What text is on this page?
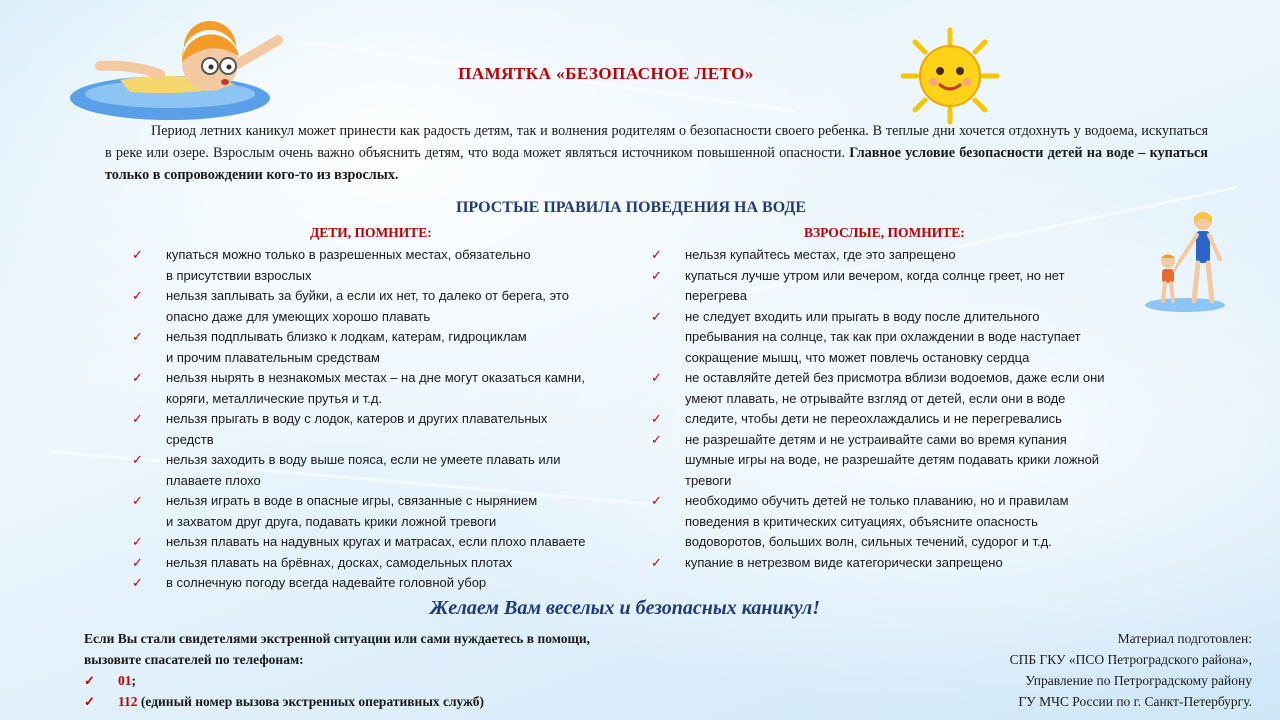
ПАМЯТКА «БЕЗОПАСНОЕ ЛЕТО»
Период летних каникул может принести как радость детям, так и волнения родителям о безопасности своего ребенка. В теплые дни хочется отдохнуть у водоема, искупаться в реке или озере. Взрослым очень важно объяснить детям, что вода может являться источником повышенной опасности. Главное условие безопасности детей на воде – купаться только в сопровождении кого-то из взрослых.
ПРОСТЫЕ ПРАВИЛА ПОВЕДЕНИЯ НА ВОДЕ
ДЕТИ, ПОМНИТЕ:	ВЗРОСЛЫЕ, ПОМНИТЕ:
✓ купаться можно только в разрешенных местах, обязательно
в присутствии взрослых
✓ нельзя заплывать за буйки, а если их нет, то далеко от берега, это
опасно даже для умеющих хорошо плавать
✓ нельзя подплывать близко к лодкам, катерам, гидроциклам
и прочим плавательным средствам
✓ нельзя нырять в незнакомых местах – на дне могут оказаться камни,
коряги, металлические прутья и т.д.
✓ нельзя прыгать в воду с лодок, катеров и других плавательных
средств
✓ нельзя заходить в воду выше пояса, если не умеете плавать или
плаваете плохо
✓ нельзя играть в воде в опасные игры, связанные с нырянием
и захватом друг друга, подавать крики ложной тревоги
✓ нельзя плавать на надувных кругах и матрасах, если плохо плаваете
✓ нельзя плавать на брёвнах, досках, самодельных плотах
✓ в солнечную погоду всегда надевайте головной убор
✓ нельзя купайтесь местах, где это запрещено
✓ купаться лучше утром или вечером, когда солнце греет, но нет
перегрева
✓ не следует входить или прыгать в воду после длительного
пребывания на солнце, так как при охлаждении в воде наступает
сокращение мышц, что может повлечь остановку сердца
✓ не оставляйте детей без присмотра вблизи водоемов, даже если они
умеют плавать, не отрывайте взгляд от детей, если они в воде
✓ следите, чтобы дети не переохлаждались и не перегревались
✓ не разрешайте детям и не устраивайте сами во время купания
шумные игры на воде, не разрешайте детям подавать крики ложной
тревоги
✓ необходимо обучить детей не только плаванию, но и правилам
поведения в критических ситуациях, объясните опасность
водоворотов, больших волн, сильных течений, судорог и т.д.
✓ купание в нетрезвом виде категорически запрещено
Желаем Вам веселых и безопасных каникул!
Если Вы стали свидетелями экстренной ситуации или сами нуждаетесь в помощи,
вызовите спасателей по телефонам:
✓ 01;
✓ 112 (единый номер вызова экстренных оперативных служб)
Материал подготовлен:
СПБ ГКУ «ПСО Петроградского района»,
Управление по Петроградскому району
ГУ МЧС России по г. Санкт-Петербургу.
